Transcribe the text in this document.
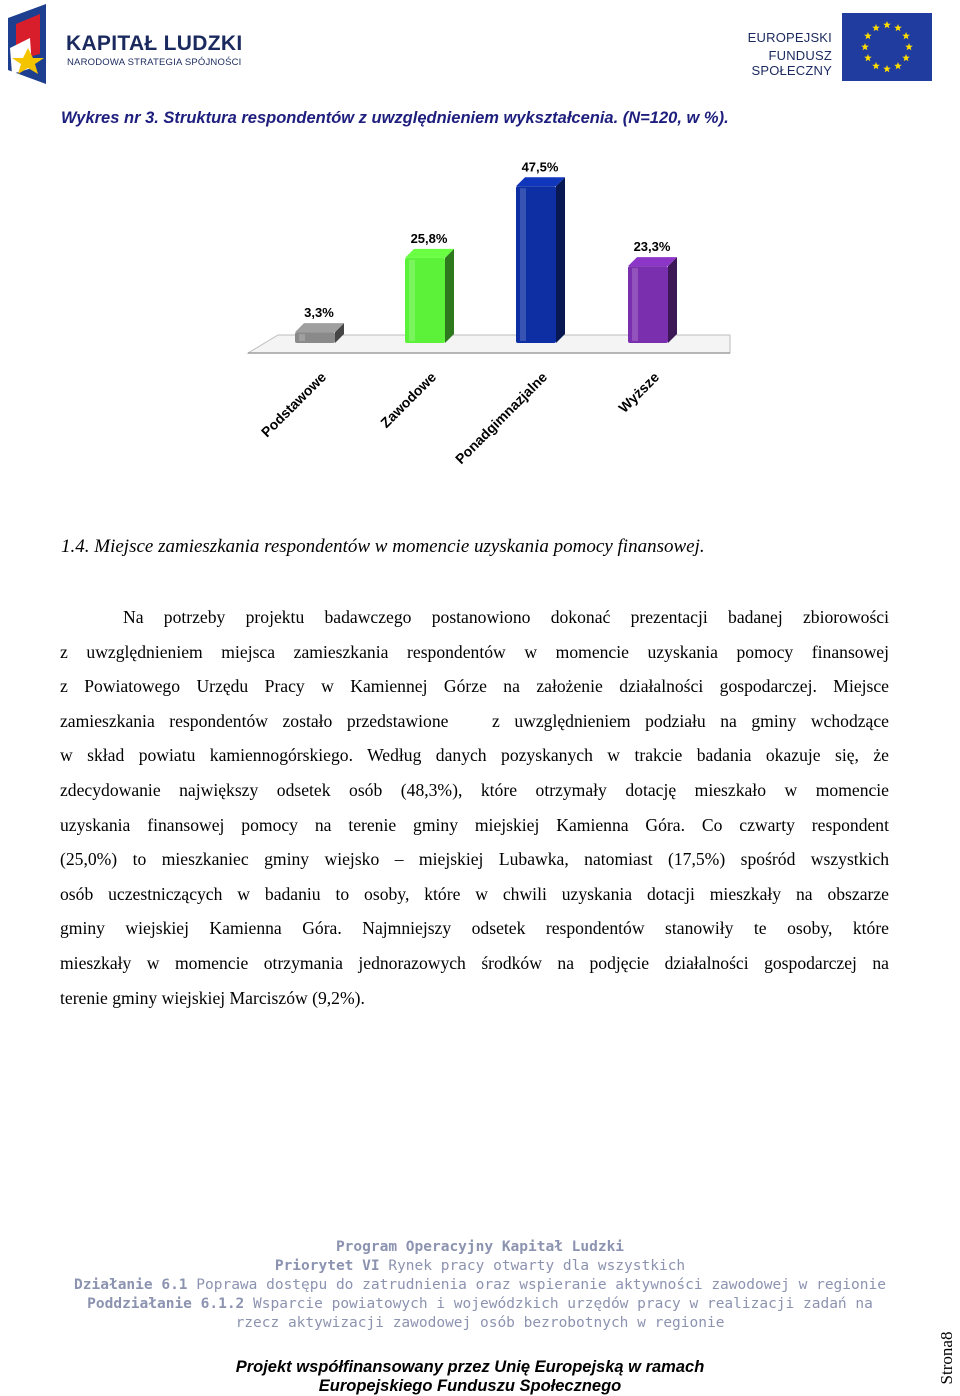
KAPITAŁ LUDZKI
NARODOWA STRATEGIA SPÓJNOŚCI
EUROPEJSKI
FUNDUSZ SPOŁECZNY
Wykres nr 3. Struktura respondentów z uwzględnieniem wykształcenia. (N=120, w %).
3,3%
25,8%
47,5%
23,3%
Podstawowe	Zawodowe Ponadgimnazjalne	Wyższe
1.4. Miejsce zamieszkania respondentów w momencie uzyskania pomocy finansowej.
Na potrzeby projektu badawczego postanowiono dokonać prezentacji badanej zbiorowości
z uwzględnieniem miejsca zamieszkania respondentów w momencie uzyskania pomocy finansowej
z Powiatowego Urzędu Pracy w Kamiennej Górze na założenie działalności gospodarczej. Miejsce
zamieszkania respondentów zostało przedstawione   z uwzględnieniem podziału na gminy wchodzące
w skład powiatu kamiennogórskiego. Według danych pozyskanych w trakcie badania okazuje się, że
zdecydowanie największy odsetek osób (48,3%), które otrzymały dotację mieszkało w momencie
uzyskania finansowej pomocy na terenie gminy miejskiej Kamienna Góra. Co czwarty respondent
(25,0%) to mieszkaniec gminy wiejsko – miejskiej Lubawka, natomiast (17,5%) spośród wszystkich
osób uczestniczących w badaniu to osoby, które w chwili uzyskania dotacji mieszkały na obszarze
gminy wiejskiej Kamienna Góra. Najmniejszy odsetek respondentów stanowiły te osoby, które
mieszkały w momencie otrzymania jednorazowych środków na podjęcie działalności gospodarczej na
terenie gminy wiejskiej Marciszów (9,2%).
Program Operacyjny Kapitał Ludzki
Priorytet VI Rynek pracy otwarty dla wszystkich
Działanie 6.1 Poprawa dostępu do zatrudnienia oraz wspieranie aktywności zawodowej w regionie
Poddziałanie 6.1.2 Wsparcie powiatowych i wojewódzkich urzędów pracy w realizacji zadań na
rzecz aktywizacji zawodowej osób bezrobotnych w regionie
Projekt współfinansowany przez Unię Europejską w ramach
Europejskiego Funduszu Społecznego
Strona8
